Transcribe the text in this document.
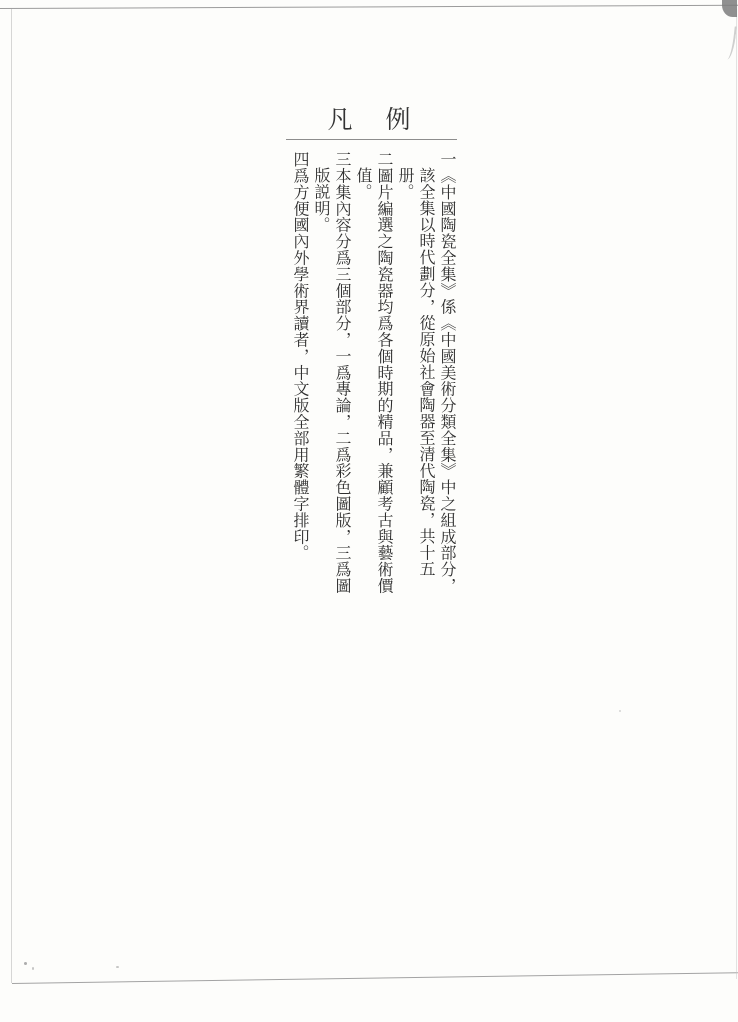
凡　例
一《中國陶瓷全集》係《中國美術分類全集》中之組成部分，該全集以時代劃分，從原始社會陶器至清代陶瓷，共十五册。
二圖片編選之陶瓷器均爲各個時期的精品，兼顧考古與藝術價值。
三本集內容分爲三個部分，一爲專論，二爲彩色圖版，三爲圖版説明。
四爲方便國內外學術界讀者，中文版全部用繁體字排印。
